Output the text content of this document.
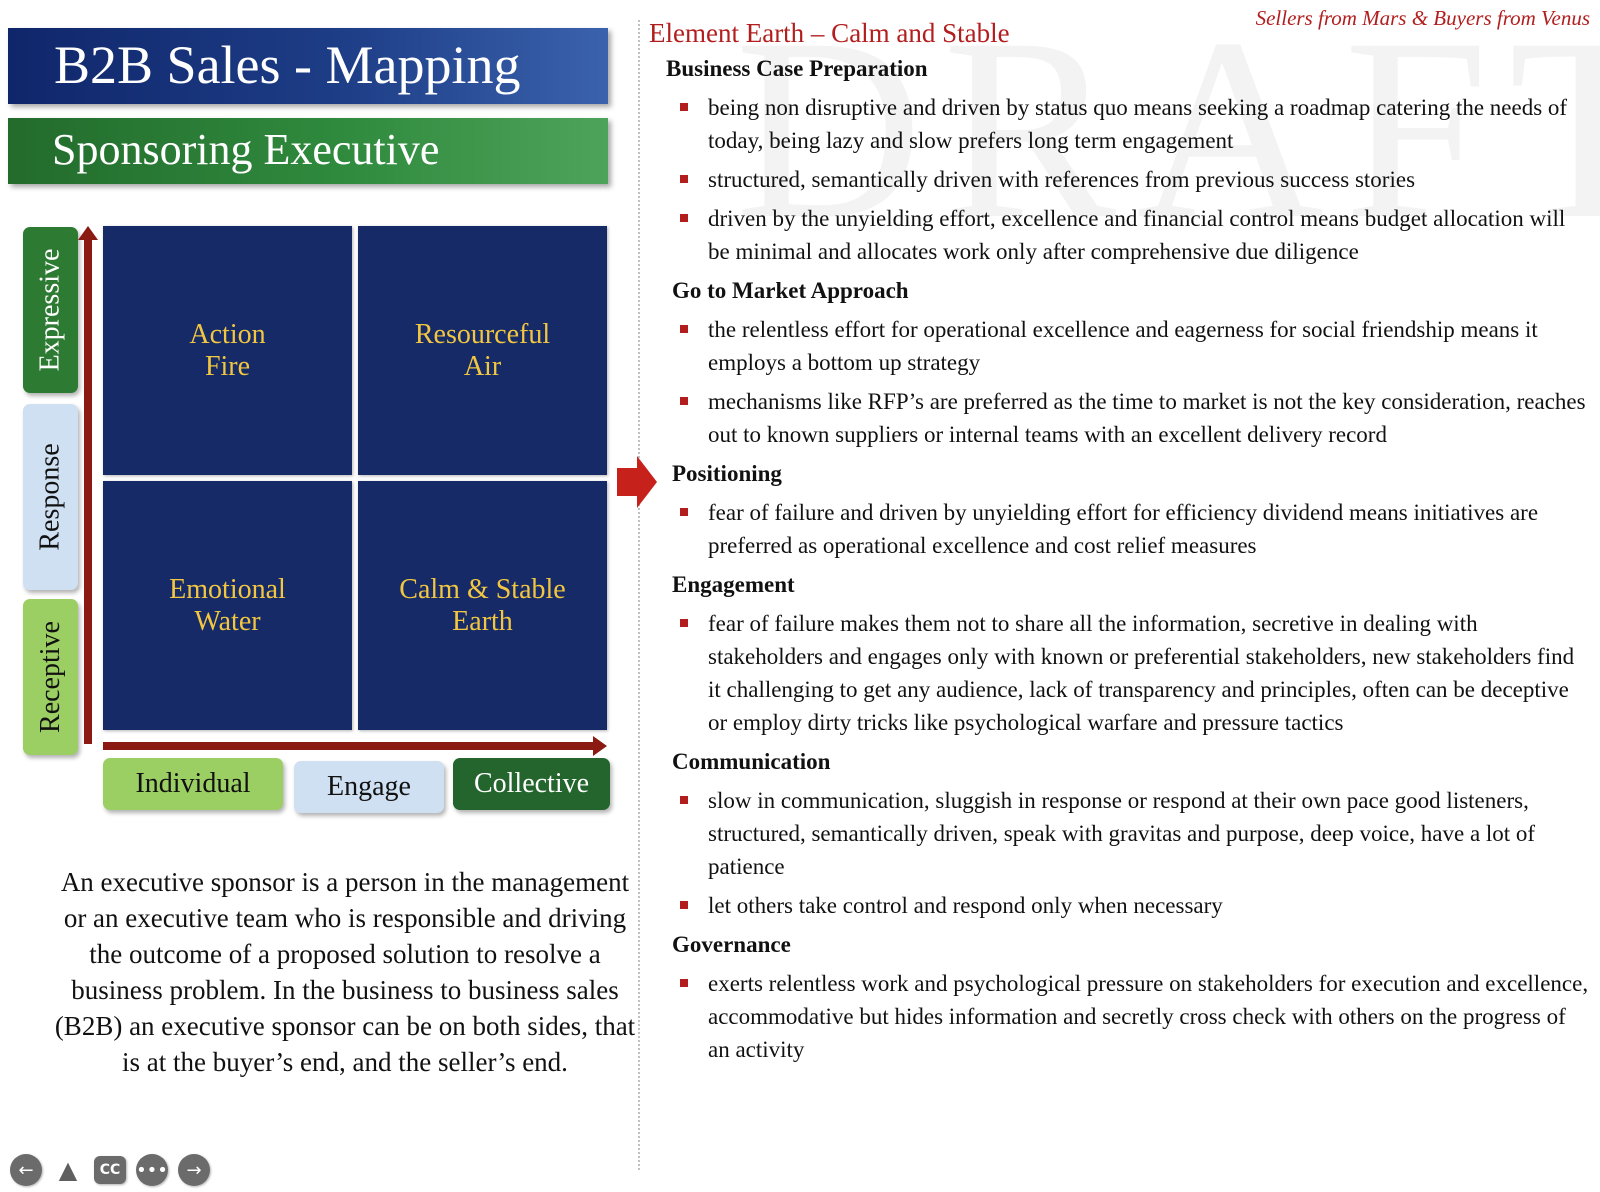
B2B Sales - Mapping
Sponsoring Executive
Expressive
Response
Receptive
Action
Fire
Resourceful
Air
Emotional
Water
Calm & Stable
Earth
Individual	Engage	Collective
An executive sponsor is a person in the management or an executive team who is responsible and driving the outcome of a proposed solution to resolve a business problem. In the business to business sales (B2B) an executive sponsor can be on both sides, that is at the buyer’s end, and the seller’s end.
←	▲	CC •••	→
Sellers from Mars & Buyers from Venus
Element Earth – Calm and Stable
Business Case Preparation
being non disruptive and driven by status quo means seeking a roadmap catering the needs of today, being lazy and slow prefers long term engagement
structured, semantically driven with references from previous success stories
driven by the unyielding effort, excellence and financial control means budget allocation will be minimal and allocates work only after comprehensive due diligence
Go to Market Approach
the relentless effort for operational excellence and eagerness for social friendship means it employs a bottom up strategy
mechanisms like RFP’s are preferred as the time to market is not the key consideration, reaches out to known suppliers or internal teams with an excellent delivery record
Positioning
fear of failure and driven by unyielding effort for efficiency dividend means initiatives are preferred as operational excellence and cost relief measures
Engagement
fear of failure makes them not to share all the information, secretive in dealing with stakeholders and engages only with known or preferential stakeholders, new stakeholders find it challenging to get any audience, lack of transparency and principles, often can be deceptive or employ dirty tricks like psychological warfare and pressure tactics
Communication
slow in communication, sluggish in response or respond at their own pace good listeners, structured, semantically driven, speak with gravitas and purpose, deep voice, have a lot of patience
let others take control and respond only when necessary
Governance
exerts relentless work and psychological pressure on stakeholders for execution and excellence, accommodative but hides information and secretly cross check with others on the progress of an activity
